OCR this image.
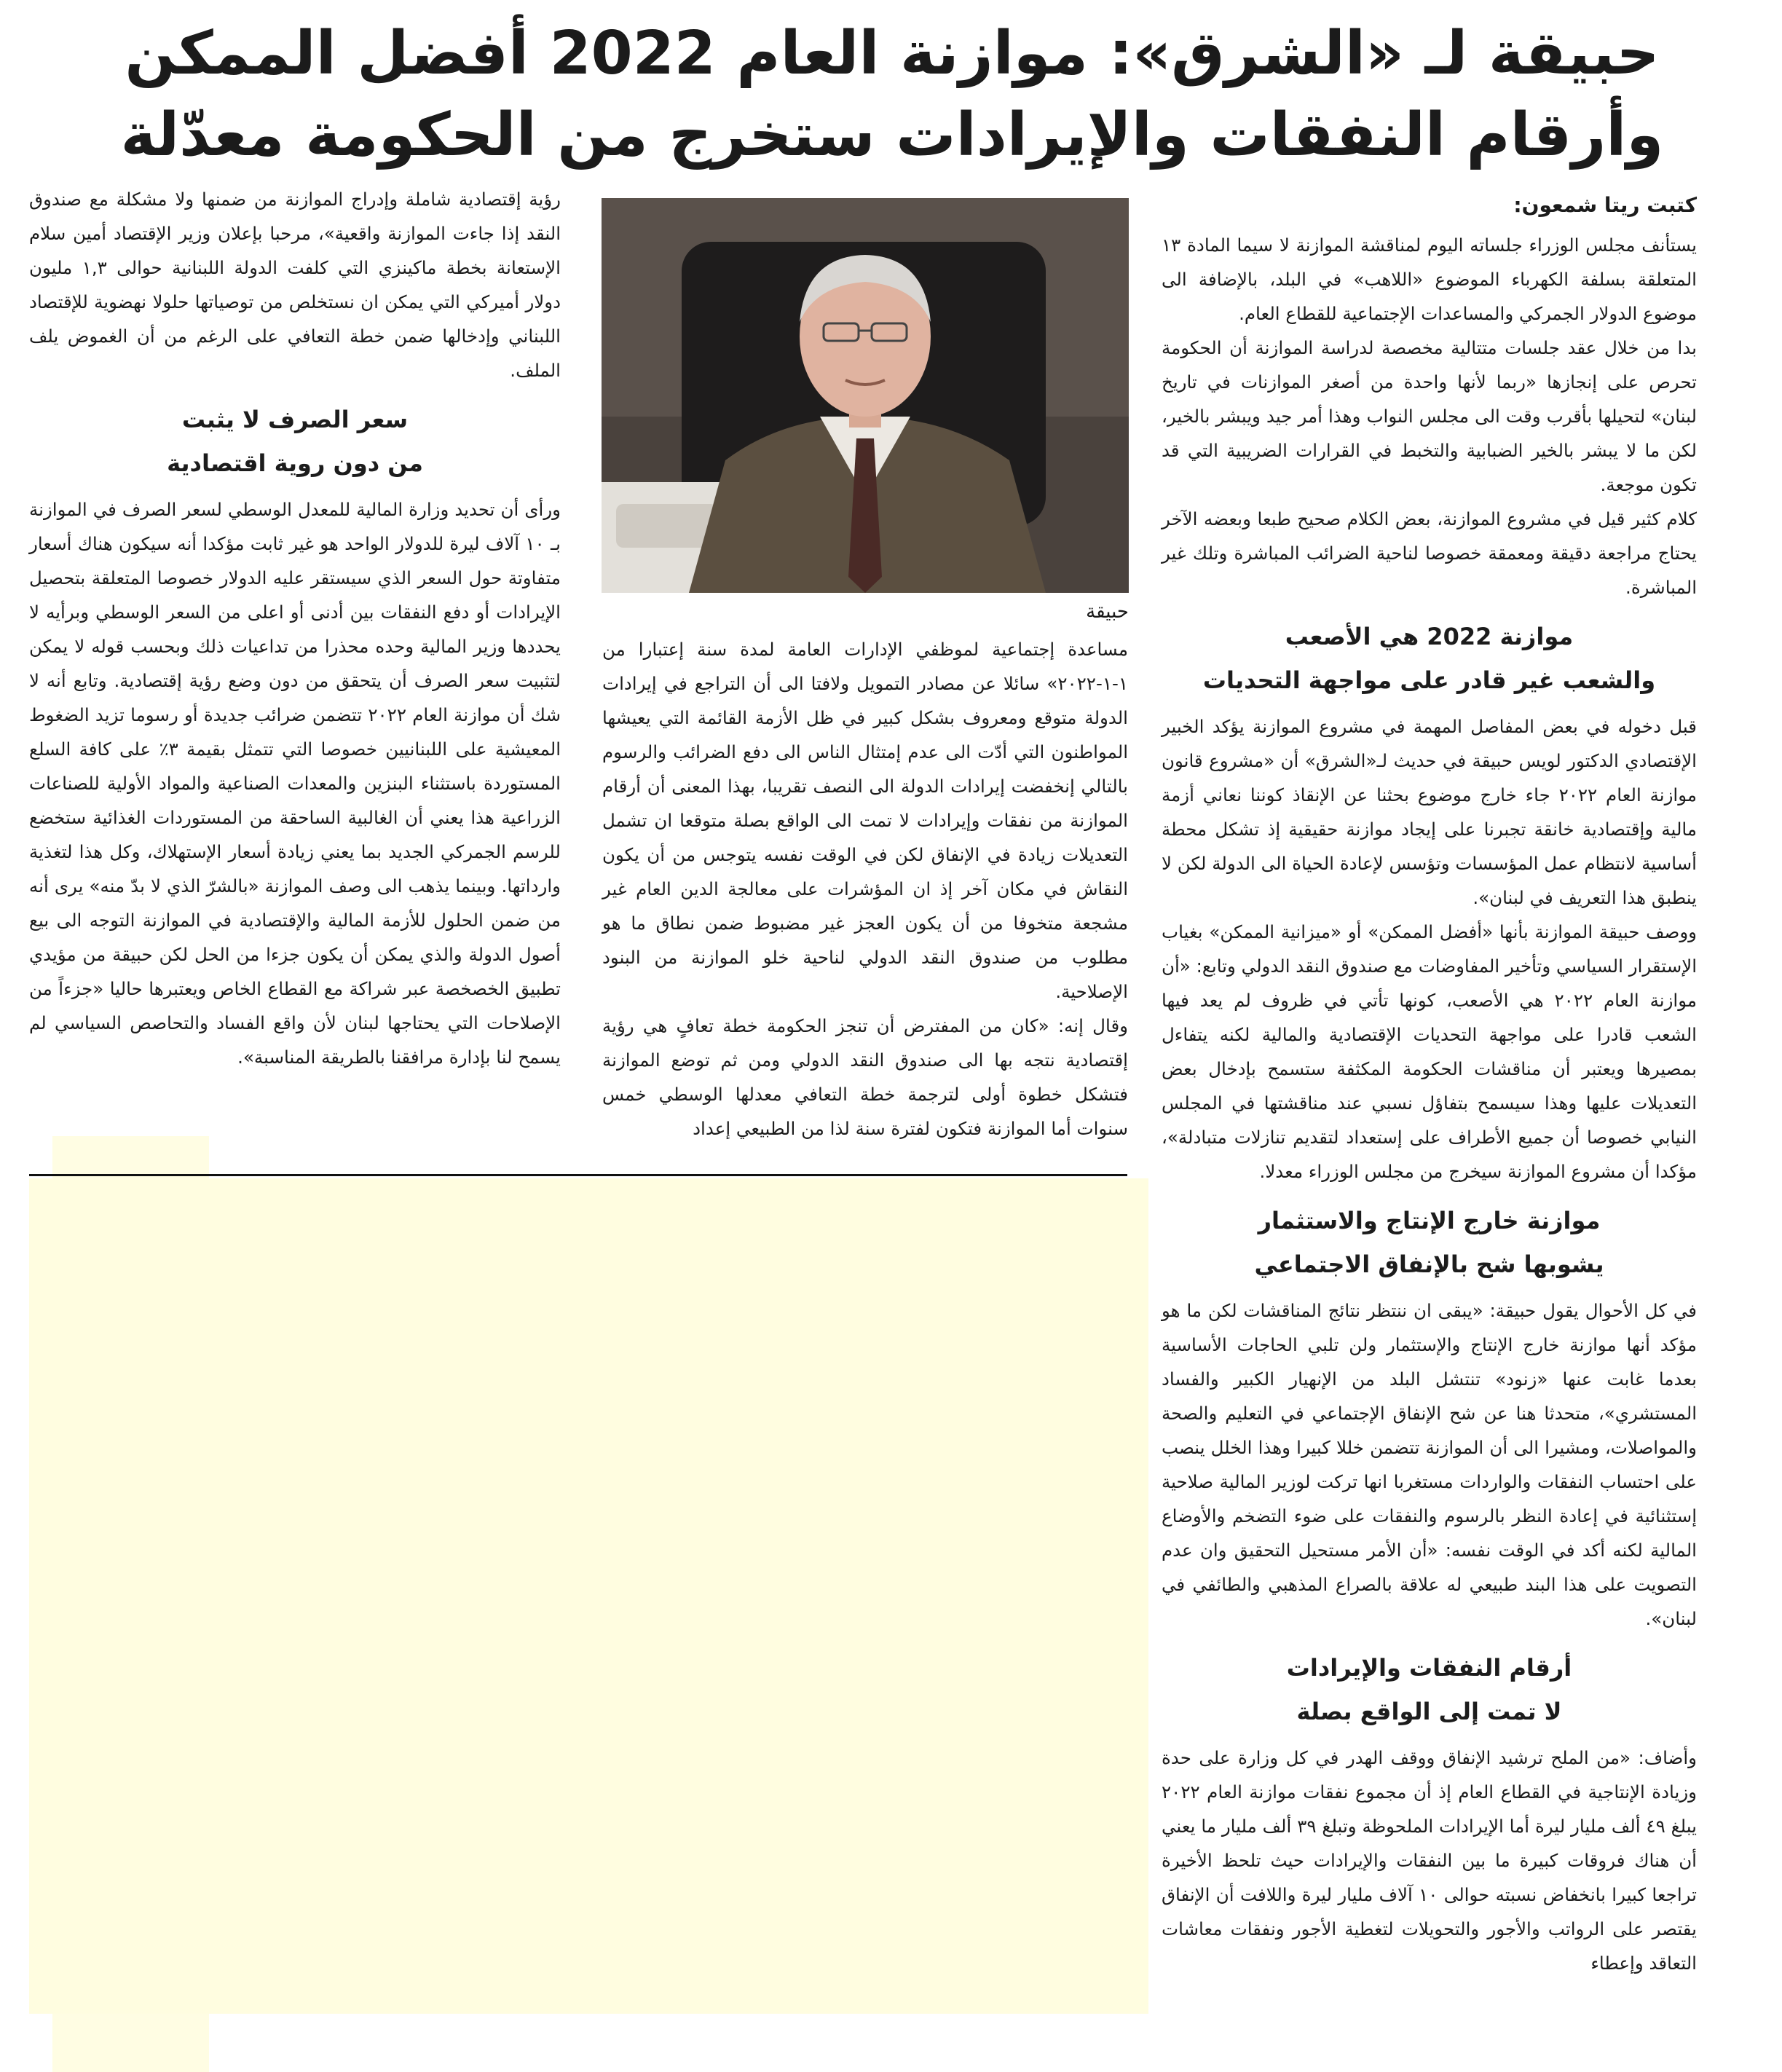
حبيقة لـ «الشرق»: موازنة العام 2022 أفضل الممكن
وأرقام النفقات والإيرادات ستخرج من الحكومة معدّلة

كتبت ريتا شمعون:

يستأنف مجلس الوزراء جلساته اليوم لمناقشة الموازنة لا سيما المادة ١٣ المتعلقة بسلفة الكهرباء الموضوع «اللاهب» في البلد، بالإضافة الى موضوع الدولار الجمركي والمساعدات الإجتماعية للقطاع العام.

بدا من خلال عقد جلسات متتالية مخصصة لدراسة الموازنة أن الحكومة تحرص على إنجازها «ربما لأنها واحدة من أصغر الموازنات في تاريخ لبنان» لتحيلها بأقرب وقت الى مجلس النواب وهذا أمر جيد ويبشر بالخير، لكن ما لا يبشر بالخير الضبابية والتخبط في القرارات الضريبية التي قد تكون موجعة.

كلام كثير قيل في مشروع الموازنة، بعض الكلام صحيح طبعا وبعضه الآخر يحتاج مراجعة دقيقة ومعمقة خصوصا لناحية الضرائب المباشرة وتلك غير المباشرة.

موازنة 2022 هي الأصعب
والشعب غير قادر على مواجهة التحديات

قبل دخوله في بعض المفاصل المهمة في مشروع الموازنة يؤكد الخبير الإقتصادي الدكتور لويس حبيقة في حديث لـ«الشرق» أن «مشروع قانون موازنة العام ٢٠٢٢ جاء خارج موضوع بحثنا عن الإنقاذ كوننا نعاني أزمة مالية وإقتصادية خانقة تجبرنا على إيجاد موازنة حقيقية إذ تشكل محطة أساسية لانتظام عمل المؤسسات وتؤسس لإعادة الحياة الى الدولة لكن لا ينطبق هذا التعريف في لبنان».

ووصف حبيقة الموازنة بأنها «أفضل الممكن» أو «ميزانية الممكن» بغياب الإستقرار السياسي وتأخير المفاوضات مع صندوق النقد الدولي وتابع: «أن موازنة العام ٢٠٢٢ هي الأصعب، كونها تأتي في ظروف لم يعد فيها الشعب قادرا على مواجهة التحديات الإقتصادية والمالية لكنه يتفاءل بمصيرها ويعتبر أن مناقشات الحكومة المكثفة ستسمح بإدخال بعض التعديلات عليها وهذا سيسمح بتفاؤل نسبي عند مناقشتها في المجلس النيابي خصوصا أن جميع الأطراف على إستعداد لتقديم تنازلات متبادلة»، مؤكدا أن مشروع الموازنة سيخرج من مجلس الوزراء معدلا.

موازنة خارج الإنتاج والاستثمار
يشوبها شح بالإنفاق الاجتماعي

في كل الأحوال يقول حبيقة: «يبقى ان ننتظر نتائج المناقشات لكن ما هو مؤكد أنها موازنة خارج الإنتاج والإستثمار ولن تلبي الحاجات الأساسية بعدما غابت عنها «زنود» تنتشل البلد من الإنهيار الكبير والفساد المستشري»، متحدثا هنا عن شح الإنفاق الإجتماعي في التعليم والصحة والمواصلات، ومشيرا الى أن الموازنة تتضمن خللا كبيرا وهذا الخلل ينصب على احتساب النفقات والواردات مستغربا انها تركت لوزير المالية صلاحية إستثنائية في إعادة النظر بالرسوم والنفقات على ضوء التضخم والأوضاع المالية لكنه أكد في الوقت نفسه: «أن الأمر مستحيل التحقيق وان عدم التصويت على هذا البند طبيعي له علاقة بالصراع المذهبي والطائفي في لبنان».

أرقام النفقات والإيرادات
لا تمت إلى الواقع بصلة

وأضاف: «من الملح ترشيد الإنفاق ووقف الهدر في كل وزارة على حدة وزيادة الإنتاجية في القطاع العام إذ أن مجموع نفقات موازنة العام ٢٠٢٢ يبلغ ٤٩ ألف مليار ليرة أما الإيرادات الملحوظة وتبلغ ٣٩ ألف مليار ما يعني أن هناك فروقات كبيرة ما بين النفقات والإيرادات حيث تلحظ الأخيرة تراجعا كبيرا بانخفاض نسبته حوالى ١٠ آلاف مليار ليرة واللافت أن الإنفاق يقتصر على الرواتب والأجور والتحويلات لتغطية الأجور ونفقات معاشات التعاقد وإعطاء

حبيقة

مساعدة إجتماعية لموظفي الإدارات العامة لمدة سنة إعتبارا من ١-١-٢٠٢٢» سائلا عن مصادر التمويل ولافتا الى أن التراجع في إيرادات الدولة متوقع ومعروف بشكل كبير في ظل الأزمة القائمة التي يعيشها المواطنون التي أدّت الى عدم إمتثال الناس الى دفع الضرائب والرسوم بالتالي إنخفضت إيرادات الدولة الى النصف تقريبا، بهذا المعنى أن أرقام الموازنة من نفقات وإيرادات لا تمت الى الواقع بصلة متوقعا ان تشمل التعديلات زيادة في الإنفاق لكن في الوقت نفسه يتوجس من أن يكون النقاش في مكان آخر إذ ان المؤشرات على معالجة الدين العام غير مشجعة متخوفا من أن يكون العجز غير مضبوط ضمن نطاق ما هو مطلوب من صندوق النقد الدولي لناحية خلو الموازنة من البنود الإصلاحية.

وقال إنه: «كان من المفترض أن تنجز الحكومة خطة تعافٍ هي رؤية إقتصادية نتجه بها الى صندوق النقد الدولي ومن ثم توضع الموازنة فتشكل خطوة أولى لترجمة خطة التعافي معدلها الوسطي خمس سنوات أما الموازنة فتكون لفترة سنة لذا من الطبيعي إعداد

رؤية إقتصادية شاملة وإدراج الموازنة من ضمنها ولا مشكلة مع صندوق النقد إذا جاءت الموازنة واقعية»، مرحبا بإعلان وزير الإقتصاد أمين سلام الإستعانة بخطة ماكينزي التي كلفت الدولة اللبنانية حوالى ١,٣ مليون دولار أميركي التي يمكن ان نستخلص من توصياتها حلولا نهضوية للإقتصاد اللبناني وإدخالها ضمن خطة التعافي على الرغم من أن الغموض يلف الملف.

سعر الصرف لا يثبت
من دون روية اقتصادية

ورأى أن تحديد وزارة المالية للمعدل الوسطي لسعر الصرف في الموازنة بـ ١٠ آلاف ليرة للدولار الواحد هو غير ثابت مؤكدا أنه سيكون هناك أسعار متفاوتة حول السعر الذي سيستقر عليه الدولار خصوصا المتعلقة بتحصيل الإيرادات أو دفع النفقات بين أدنى أو اعلى من السعر الوسطي وبرأيه لا يحددها وزير المالية وحده محذرا من تداعيات ذلك وبحسب قوله لا يمكن لتثبيت سعر الصرف أن يتحقق من دون وضع رؤية إقتصادية. وتابع أنه لا شك أن موازنة العام ٢٠٢٢ تتضمن ضرائب جديدة أو رسوما تزيد الضغوط المعيشية على اللبنانيين خصوصا التي تتمثل بقيمة ٣٪ على كافة السلع المستوردة باستثناء البنزين والمعدات الصناعية والمواد الأولية للصناعات الزراعية هذا يعني أن الغالبية الساحقة من المستوردات الغذائية ستخضع للرسم الجمركي الجديد بما يعني زيادة أسعار الإستهلاك، وكل هذا لتغذية وارداتها. وبينما يذهب الى وصف الموازنة «بالشرّ الذي لا بدّ منه» يرى أنه من ضمن الحلول للأزمة المالية والإقتصادية في الموازنة التوجه الى بيع أصول الدولة والذي يمكن أن يكون جزءا من الحل لكن حبيقة من مؤيدي تطبيق الخصخصة عبر شراكة مع القطاع الخاص ويعتبرها حاليا «جزءاً من الإصلاحات التي يحتاجها لبنان لأن واقع الفساد والتحاصص السياسي لم يسمح لنا بإدارة مرافقنا بالطريقة المناسبة».
